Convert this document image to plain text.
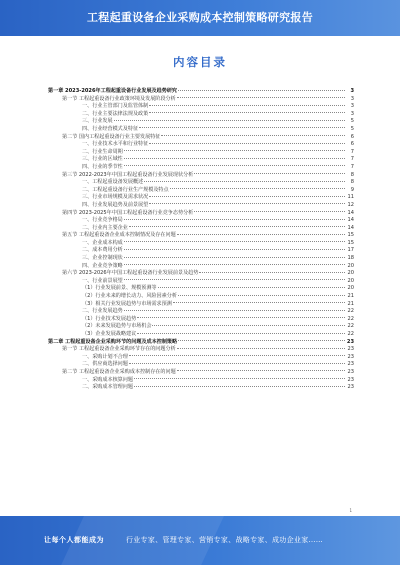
工程起重设备企业采购成本控制策略研究报告
内容目录
第一章 2023-2026年工程起重设备行业发展及趋势研究	3
第一节 工程起重设备行业政策环境及发展阶段分析	3
一、行业主管部门及监管体制	3
二、行业主要法律法规及政策	3
三、行业发展	5
四、行业经营模式及特征	5
第二节 国内工程起重设备行业主要发展特征	6
一、行业技术水平和行业特征	6
二、行业生命周期	7
三、行业的区域性	7
四、行业的季节性	7
第三节 2022-2023年中国工程起重设备行业发展现状分析	8
一、工程起重设备发展概述	8
二、工程起重设备行业生产规模及特点	9
三、行业市场规模及需求状况	11
四、行业发展趋势及前景展望	12
第四节 2023-2025年中国工程起重设备行业竞争态势分析	14
一、行业竞争格局	14
二、行业内主要企业	14
第五节 工程起重设备企业成本控制情况及存在问题	15
一、企业成本构成	15
二、成本费用分析	17
三、企业控制现状	18
四、企业竞争策略	20
第六节 2023-2026年中国工程起重设备行业发展前景及趋势	20
一、行业前景展望	20
（1）行业发展前景、规模预测等	20
（2）行业未来的增长动力、风险因素分析	21
（3）相关行业发展趋势与市场需求预测	21
二、行业发展趋势	22
（1）行业技术发展趋势	22
（2）未来发展趋势与市场机会	22
（3）企业发展战略建议	22
第二章 工程起重设备企业采购环节的问题及成本控制策略	23
第一节 工程起重设备企业采购环节存在的问题分析	23
一、采购计划不合理	23
二、供应商选择问题	23
第二节 工程起重设备企业采购成本控制存在的问题	23
一、采购成本核算问题	23
二、采购成本管理问题	23
1
让每个人都能成为	行业专家、管理专家、营销专家、战略专家、成功企业家……
